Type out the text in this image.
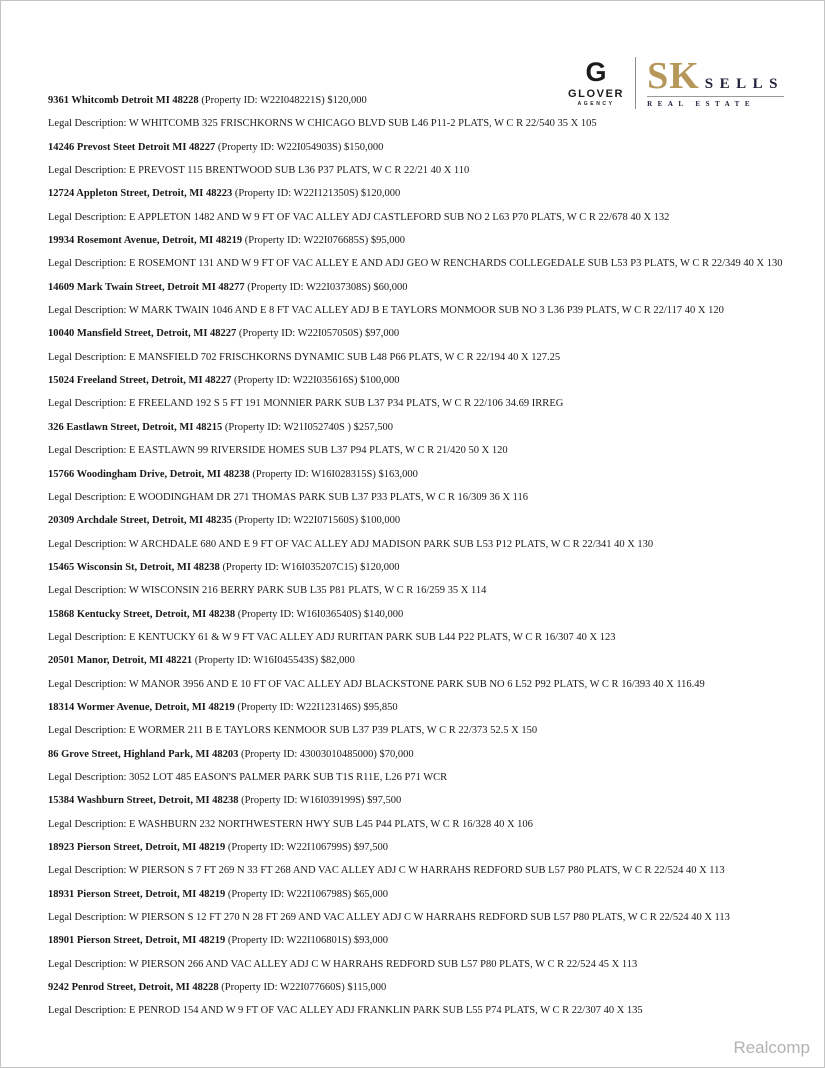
G
GLOVER
AGENCY
SK SELLS
REAL ESTATE
9361 Whitcomb Detroit MI 48228 (Property ID: W22I048221S) $120,000
Legal Description: W WHITCOMB 325 FRISCHKORNS W CHICAGO BLVD SUB L46 P11-2 PLATS, W C R 22/540 35 X 105
14246 Prevost Steet Detroit MI 48227 (Property ID: W22I054903S) $150,000
Legal Description: E PREVOST 115 BRENTWOOD SUB L36 P37 PLATS, W C R 22/21 40 X 110
12724 Appleton Street, Detroit, MI 48223 (Property ID: W22I121350S) $120,000
Legal Description: E APPLETON 1482 AND W 9 FT OF VAC ALLEY ADJ CASTLEFORD SUB NO 2 L63 P70 PLATS, W C R 22/678 40 X 132
19934 Rosemont Avenue, Detroit, MI 48219 (Property ID: W22I076685S) $95,000
Legal Description: E ROSEMONT 131 AND W 9 FT OF VAC ALLEY E AND ADJ GEO W RENCHARDS COLLEGEDALE SUB L53 P3 PLATS, W C R 22/349 40 X 130
14609 Mark Twain Street, Detroit MI 48277 (Property ID: W22I037308S) $60,000
Legal Description: W MARK TWAIN 1046 AND E 8 FT VAC ALLEY ADJ B E TAYLORS MONMOOR SUB NO 3 L36 P39 PLATS, W C R 22/117 40 X 120
10040 Mansfield Street, Detroit, MI 48227 (Property ID: W22I057050S) $97,000
Legal Description: E MANSFIELD 702 FRISCHKORNS DYNAMIC SUB L48 P66 PLATS, W C R 22/194 40 X 127.25
15024 Freeland Street, Detroit, MI 48227 (Property ID: W22I035616S) $100,000
Legal Description: E FREELAND 192 S 5 FT 191 MONNIER PARK SUB L37 P34 PLATS, W C R 22/106 34.69 IRREG
326 Eastlawn Street, Detroit, MI 48215 (Property ID: W21I052740S ) $257,500
Legal Description: E EASTLAWN 99 RIVERSIDE HOMES SUB L37 P94 PLATS, W C R 21/420 50 X 120
15766 Woodingham Drive, Detroit, MI 48238 (Property ID: W16I028315S) $163,000
Legal Description: E WOODINGHAM DR 271 THOMAS PARK SUB L37 P33 PLATS, W C R 16/309 36 X 116
20309 Archdale Street, Detroit, MI 48235 (Property ID: W22I071560S) $100,000
Legal Description: W ARCHDALE 680 AND E 9 FT OF VAC ALLEY ADJ MADISON PARK SUB L53 P12 PLATS, W C R 22/341 40 X 130
15465 Wisconsin St, Detroit, MI 48238 (Property ID: W16I035207C15) $120,000
Legal Description: W WISCONSIN 216 BERRY PARK SUB L35 P81 PLATS, W C R 16/259 35 X 114
15868 Kentucky Street, Detroit, MI 48238 (Property ID: W16I036540S) $140,000
Legal Description: E KENTUCKY 61 & W 9 FT VAC ALLEY ADJ RURITAN PARK SUB L44 P22 PLATS, W C R 16/307 40 X 123
20501 Manor, Detroit, MI 48221 (Property ID: W16I045543S) $82,000
Legal Description: W MANOR 3956 AND E 10 FT OF VAC ALLEY ADJ BLACKSTONE PARK SUB NO 6 L52 P92 PLATS, W C R 16/393 40 X 116.49
18314 Wormer Avenue, Detroit, MI 48219 (Property ID: W22I123146S) $95,850
Legal Description: E WORMER 211 B E TAYLORS KENMOOR SUB L37 P39 PLATS, W C R 22/373 52.5 X 150
86 Grove Street, Highland Park, MI 48203 (Property ID: 43003010485000) $70,000
Legal Description: 3052 LOT 485 EASON'S PALMER PARK SUB T1S R11E, L26 P71 WCR
15384 Washburn Street, Detroit, MI 48238 (Property ID: W16I039199S) $97,500
Legal Description: E WASHBURN 232 NORTHWESTERN HWY SUB L45 P44 PLATS, W C R 16/328 40 X 106
18923 Pierson Street, Detroit, MI 48219 (Property ID: W22I106799S) $97,500
Legal Description: W PIERSON S 7 FT 269 N 33 FT 268 AND VAC ALLEY ADJ C W HARRAHS REDFORD SUB L57 P80 PLATS, W C R 22/524 40 X 113
18931 Pierson Street, Detroit, MI 48219 (Property ID: W22I106798S) $65,000
Legal Description: W PIERSON S 12 FT 270 N 28 FT 269 AND VAC ALLEY ADJ C W HARRAHS REDFORD SUB L57 P80 PLATS, W C R 22/524 40 X 113
18901 Pierson Street, Detroit, MI 48219 (Property ID: W22I106801S) $93,000
Legal Description: W PIERSON 266 AND VAC ALLEY ADJ C W HARRAHS REDFORD SUB L57 P80 PLATS, W C R 22/524 45 X 113
9242 Penrod Street, Detroit, MI 48228 (Property ID: W22I077660S) $115,000
Legal Description: E PENROD 154 AND W 9 FT OF VAC ALLEY ADJ FRANKLIN PARK SUB L55 P74 PLATS, W C R 22/307 40 X 135
Realcomp
